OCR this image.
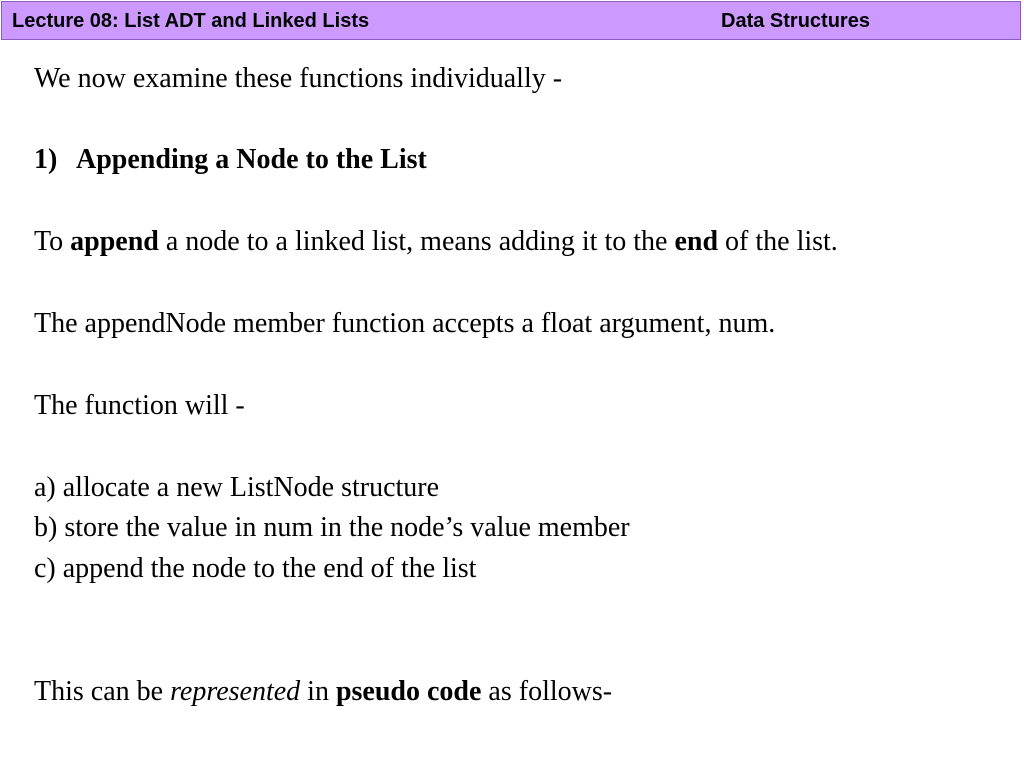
Lecture 08: List ADT and Linked Lists	Data Structures
We now examine these functions individually -
1) Appending a Node to the List
To append a node to a linked list, means adding it to the end of the list.
The appendNode member function accepts a float argument, num.
The function will -
a) allocate a new ListNode structure
b) store the value in num in the node’s value member
c) append the node to the end of the list
This can be represented in pseudo code as follows-
